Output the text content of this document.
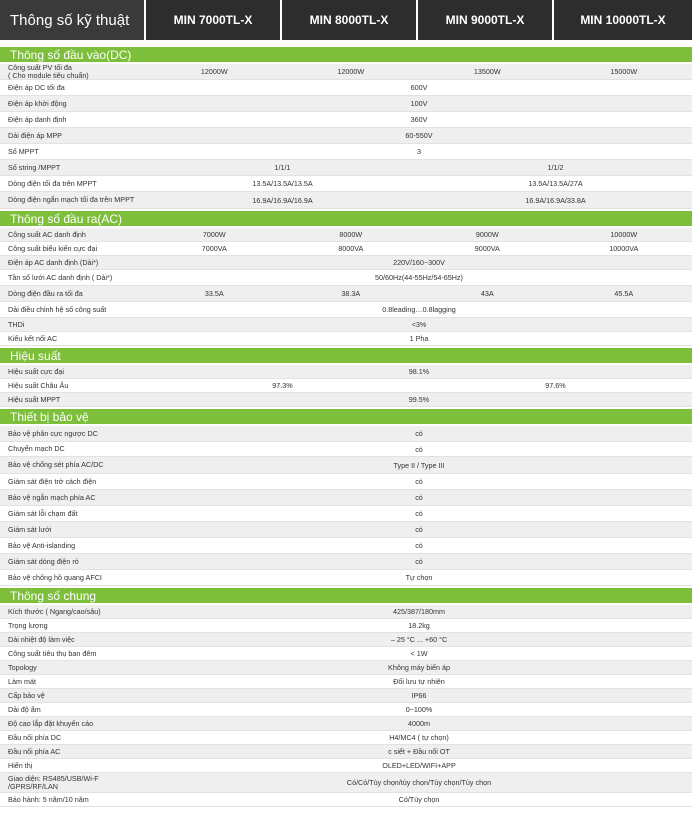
Thông số kỹ thuật	MIN 7000TL-X	MIN 8000TL-X	MIN 9000TL-X	MIN 10000TL-X
Thông số đầu vào(DC)
Công suất PV tối đa
( Cho module tiêu chuẩn)	12000W	12000W	13500W	15000W
Điện áp DC tối đa	600V
Điện áp khởi động	100V
Điện áp danh định	360V
Dải điện áp MPP	60-550V
Số MPPT	3
Số string /MPPT	1/1/1	1/1/2
Dòng điện tối đa trên MPPT	13.5A/13.5A/13.5A	13.5A/13.5A/27A
Dòng điện ngắn mạch tối đa trên MPPT	16.9A/16.9A/16.9A	16.9A/16.9A/33.8A
Thông số đầu ra(AC)
Công suất AC danh định	7000W	8000W	9000W	10000W
Công suất biểu kiến cực đại	7000VA	8000VA	9000VA	10000VA
Điện áp AC danh định (Dải*)	220V/160~300V
Tần số lưới AC danh định ( Dải*)	50/60Hz(44-55Hz/54-65Hz)
Dòng điện đầu ra tối đa	33.5A	38.3A	43A	45.5A
Dải điều chỉnh hệ số công suất	0.8leading…0.8lagging
THDi	<3%
Kiểu kết nối AC	1 Pha
Hiệu suất
Hiệu suất cực đại	98.1%
Hiệu suất Châu Âu	97.3%	97.6%
Hiệu suất MPPT	99.5%
Thiết bị bảo vệ
Bảo vệ phân cực ngược DC	có
Chuyển mạch DC	có
Bảo vệ chống sét phía AC/DC	Type II / Type III
Giám sát điện trở cách điện	có
Bảo vệ ngắn mạch phía AC	có
Giám sát lỗi chạm đất	có
Giám sát lưới	có
Bảo vệ Anti-islanding	có
Giám sát dòng điện rò	có
Bảo vệ chống hồ quang AFCI	Tự chọn
Thông số chung
Kích thước ( Ngang/cao/sâu)	425/387/180mm
Trọng lượng	18.2kg
Dải nhiệt độ làm việc	– 25 °C ... +60 °C
Công suất tiêu thụ ban đêm	< 1W
Topology	Không máy biến áp
Làm mát	Đối lưu tự nhiên
Cấp bảo vệ	IP66
Dải độ ẩm	0~100%
Độ cao lắp đặt khuyến cáo	4000m
Đầu nối phía DC	H4/MC4 ( tự chọn)
Đầu nối phía AC	c siết + Đầu nối OT
Hiển thị	OLED+LED/WIFI+APP
Giao diện: RS485/USB/Wi-F
/GPRS/RF/LAN	Có/Có/Tùy chọn/tùy chọn/Tùy chọn/Tùy chọn
Bảo hành: 5 năm/10 năm	Có/Tùy chọn
